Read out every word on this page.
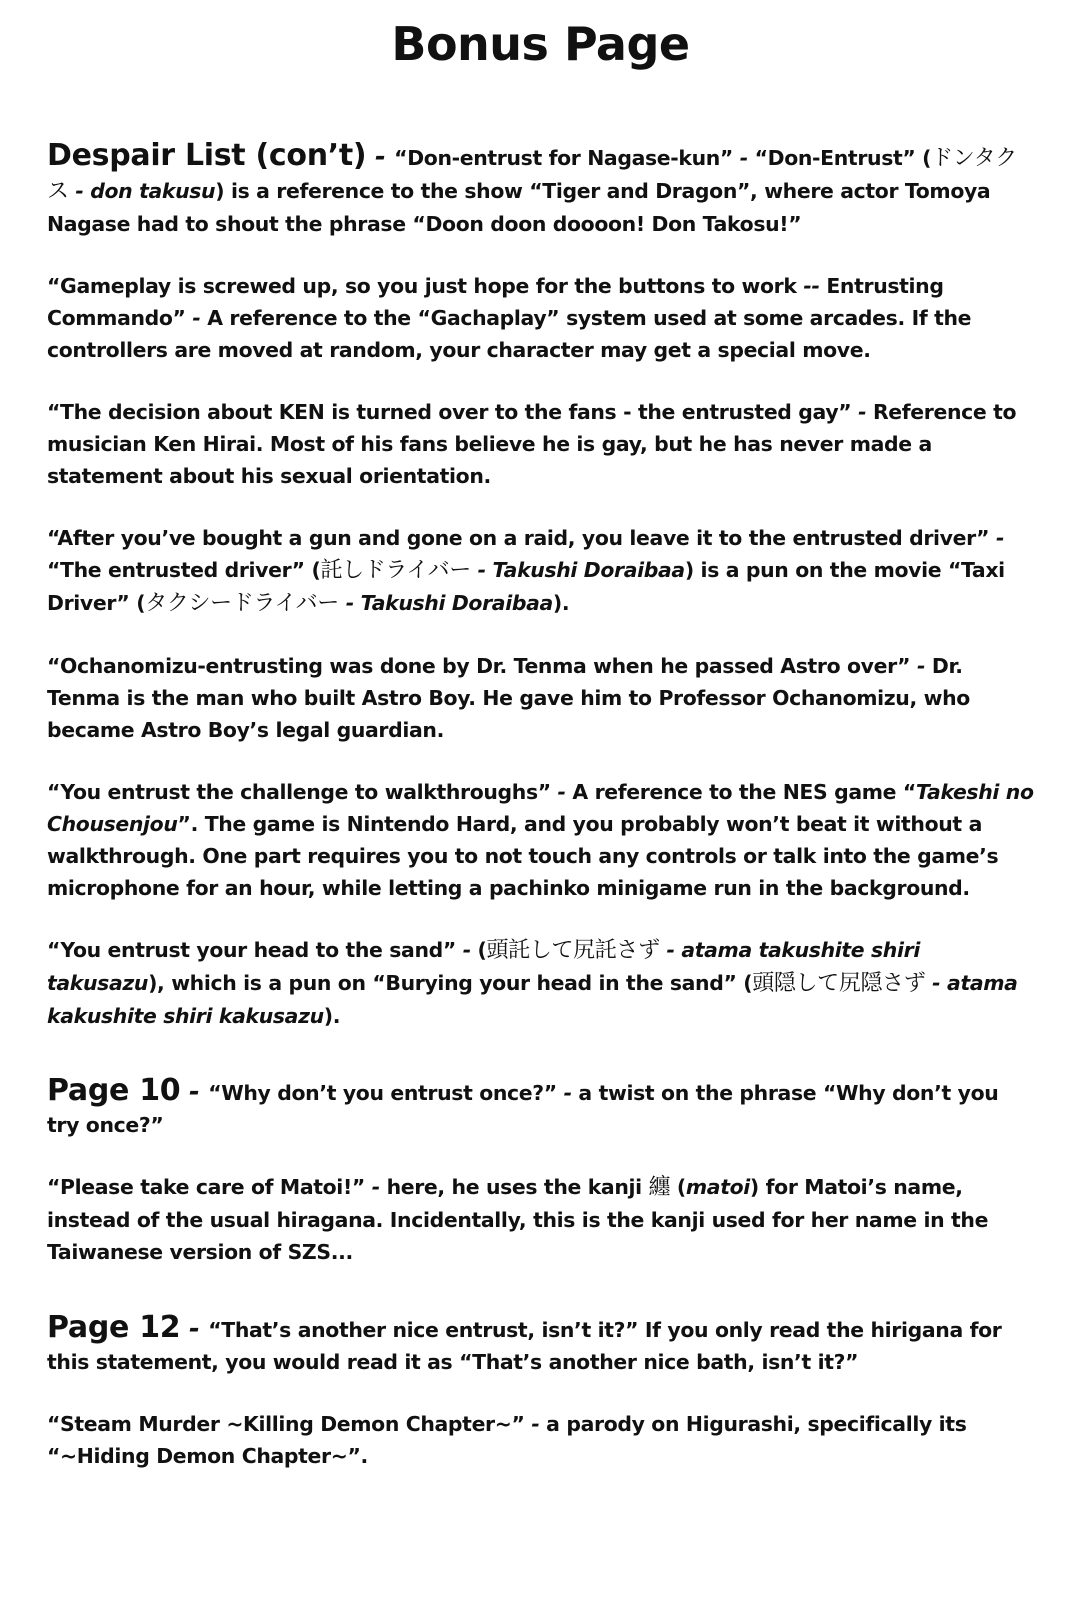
Bonus Page

Despair List (con’t) - “Don-entrust for Nagase-kun” - “Don-Entrust” (ドンタクス - don takusu) is a reference to the show “Tiger and Dragon”, where actor Tomoya Nagase had to shout the phrase “Doon doon doooon! Don Takosu!”

“Gameplay is screwed up, so you just hope for the buttons to work -- Entrusting Commando” - A reference to the “Gachaplay” system used at some arcades. If the controllers are moved at random, your character may get a special move.

“The decision about KEN is turned over to the fans - the entrusted gay” - Reference to musician Ken Hirai. Most of his fans believe he is gay, but he has never made a statement about his sexual orientation.

“After you’ve bought a gun and gone on a raid, you leave it to the entrusted driver” - “The entrusted driver” (託しドライバー - Takushi Doraibaa) is a pun on the movie “Taxi Driver” (タクシードライバー - Takushi Doraibaa).

“Ochanomizu-entrusting was done by Dr. Tenma when he passed Astro over” - Dr. Tenma is the man who built Astro Boy. He gave him to Professor Ochanomizu, who became Astro Boy’s legal guardian.

“You entrust the challenge to walkthroughs” - A reference to the NES game “Takeshi no Chousenjou”. The game is Nintendo Hard, and you probably won’t beat it without a walkthrough. One part requires you to not touch any controls or talk into the game’s microphone for an hour, while letting a pachinko minigame run in the background.

“You entrust your head to the sand” - (頭託して尻託さず - atama takushite shiri takusazu), which is a pun on “Burying your head in the sand” (頭隠して尻隠さず - atama kakushite shiri kakusazu).

Page 10 - “Why don’t you entrust once?” - a twist on the phrase “Why don’t you try once?”

“Please take care of Matoi!” - here, he uses the kanji 纏 (matoi) for Matoi’s name, instead of the usual hiragana. Incidentally, this is the kanji used for her name in the Taiwanese version of SZS...

Page 12 - “That’s another nice entrust, isn’t it?” If you only read the hirigana for this statement, you would read it as “That’s another nice bath, isn’t it?”

“Steam Murder ~Killing Demon Chapter~” - a parody on Higurashi, specifically its “~Hiding Demon Chapter~”.
